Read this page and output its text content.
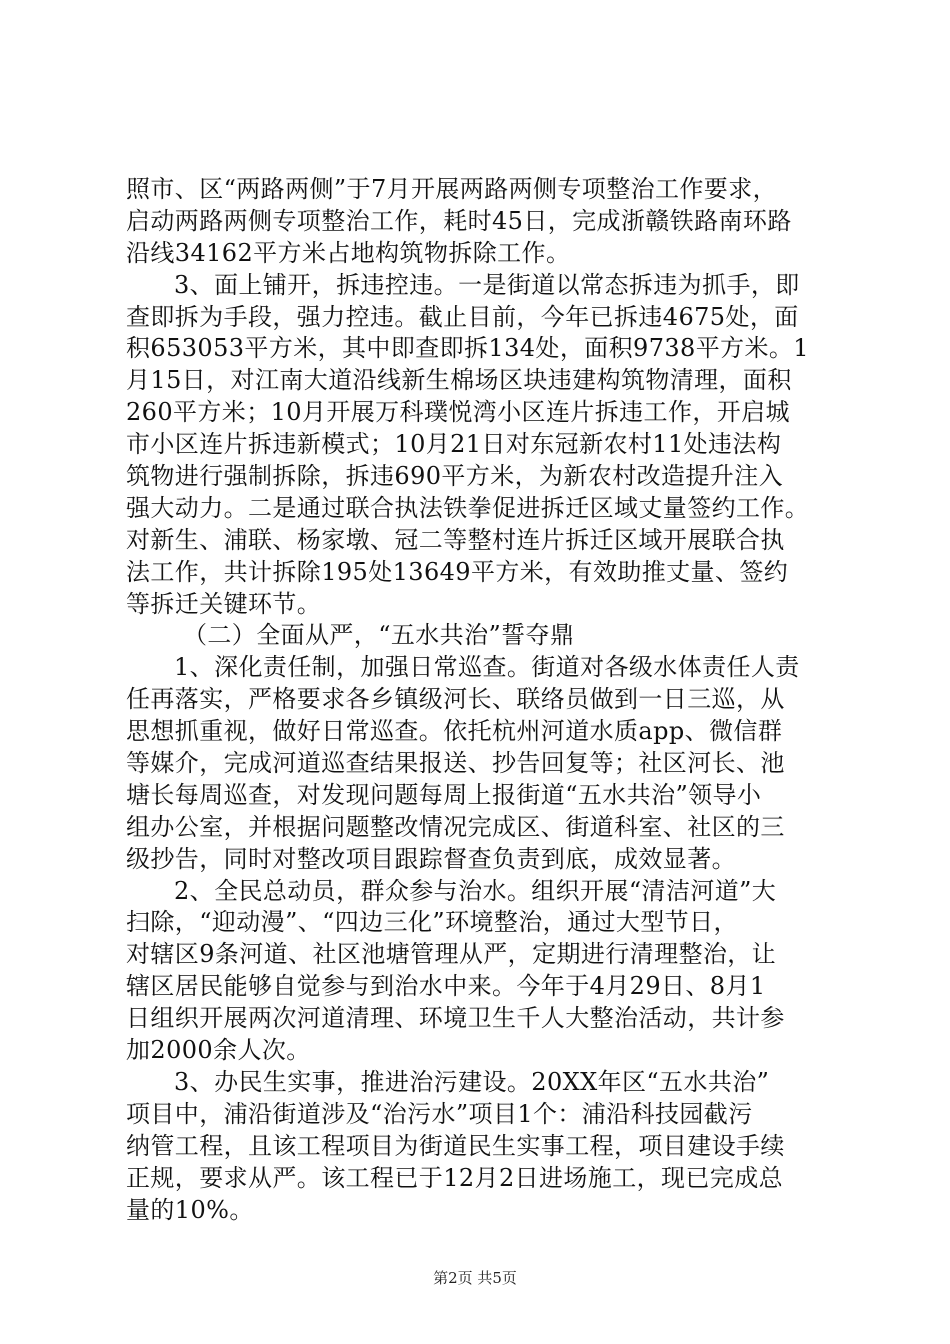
照市、区“两路两侧”于7月开展两路两侧专项整治工作要求，
启动两路两侧专项整治工作，耗时45日，完成浙赣铁路南环路
沿线34162平方米占地构筑物拆除工作。
3、面上铺开，拆违控违。一是街道以常态拆违为抓手，即
查即拆为手段，强力控违。截止目前，今年已拆违4675处，面
积653053平方米，其中即查即拆134处，面积9738平方米。1
月15日，对江南大道沿线新生棉场区块违建构筑物清理，面积
260平方米；10月开展万科璞悦湾小区连片拆违工作，开启城
市小区连片拆违新模式；10月21日对东冠新农村11处违法构
筑物进行强制拆除，拆违690平方米，为新农村改造提升注入
强大动力。二是通过联合执法铁拳促进拆迁区域丈量签约工作。
对新生、浦联、杨家墩、冠二等整村连片拆迁区域开展联合执
法工作，共计拆除195处13649平方米，有效助推丈量、签约
等拆迁关键环节。
（二）全面从严，“五水共治”誓夺鼎
1、深化责任制，加强日常巡查。街道对各级水体责任人责
任再落实，严格要求各乡镇级河长、联络员做到一日三巡，从
思想抓重视，做好日常巡查。依托杭州河道水质app、微信群
等媒介，完成河道巡查结果报送、抄告回复等；社区河长、池
塘长每周巡查，对发现问题每周上报街道“五水共治”领导小
组办公室，并根据问题整改情况完成区、街道科室、社区的三
级抄告，同时对整改项目跟踪督查负责到底，成效显著。
2、全民总动员，群众参与治水。组织开展“清洁河道”大
扫除，“迎动漫”、“四边三化”环境整治，通过大型节日，
对辖区9条河道、社区池塘管理从严，定期进行清理整治，让
辖区居民能够自觉参与到治水中来。今年于4月29日、8月1
日组织开展两次河道清理、环境卫生千人大整治活动，共计参
加2000余人次。
3、办民生实事，推进治污建设。20XX年区“五水共治”
项目中，浦沿街道涉及“治污水”项目1个：浦沿科技园截污
纳管工程，且该工程项目为街道民生实事工程，项目建设手续
正规，要求从严。该工程已于12月2日进场施工，现已完成总
量的10%。
第2页 共5页
